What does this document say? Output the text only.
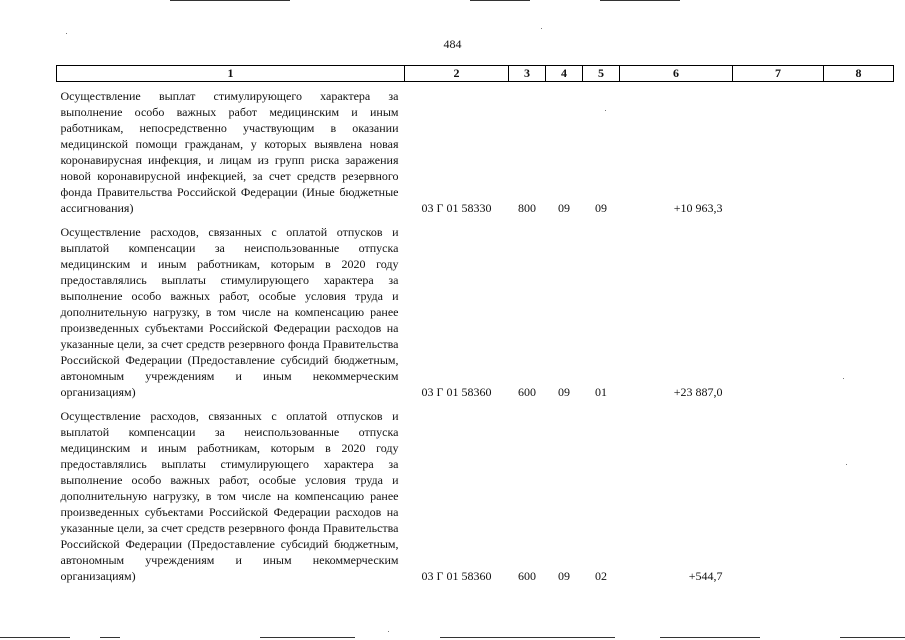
484
1	2	3	4	5	6	7	8
Осуществление выплат стимулирующего характера за выполнение особо важных работ медицинским и иным работникам, непосредственно участвующим в оказании медицинской помощи гражданам, у которых выявлена новая коронавирусная инфекция, и лицам из групп риска заражения новой коронавирусной инфекцией, за счет средств резервного фонда Правительства Российской Федерации (Иные бюджетные ассигнования)	03 Г 01 58330	800	09	09	+10 963,3		
Осуществление расходов, связанных с оплатой отпусков и выплатой компенсации за неиспользованные отпуска медицинским и иным работникам, которым в 2020 году предоставлялись выплаты стимулирующего характера за выполнение особо важных работ, особые условия труда и дополнительную нагрузку, в том числе на компенсацию ранее произведенных субъектами Российской Федерации расходов на указанные цели, за счет средств резервного фонда Правительства Российской Федерации (Предоставление субсидий бюджетным, автономным учреждениям и иным некоммерческим организациям)	03 Г 01 58360	600	09	01	+23 887,0		
Осуществление расходов, связанных с оплатой отпусков и выплатой компенсации за неиспользованные отпуска медицинским и иным работникам, которым в 2020 году предоставлялись выплаты стимулирующего характера за выполнение особо важных работ, особые условия труда и дополнительную нагрузку, в том числе на компенсацию ранее произведенных субъектами Российской Федерации расходов на указанные цели, за счет средств резервного фонда Правительства Российской Федерации (Предоставление субсидий бюджетным, автономным учреждениям и иным некоммерческим организациям)	03 Г 01 58360	600	09	02	+544,7		
